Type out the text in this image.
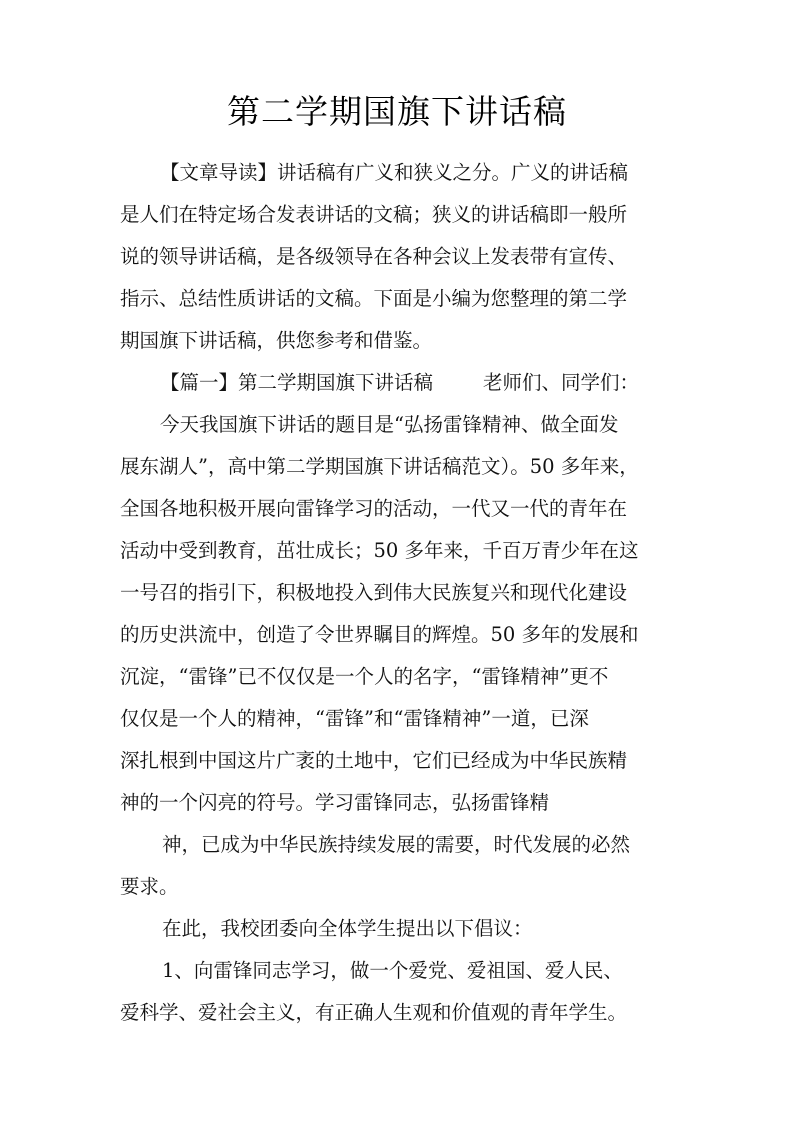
第二学期国旗下讲话稿
【文章导读】讲话稿有广义和狭义之分。广义的讲话稿
是人们在特定场合发表讲话的文稿；狭义的讲话稿即一般所
说的领导讲话稿，是各级领导在各种会议上发表带有宣传、
指示、总结性质讲话的文稿。下面是小编为您整理的第二学
期国旗下讲话稿，供您参考和借鉴。
【篇一】第二学期国旗下讲话稿	老师们、同学们：
今天我国旗下讲话的题目是“弘扬雷锋精神、做全面发
展东湖人”，高中第二学期国旗下讲话稿范文）。50 多年来，
全国各地积极开展向雷锋学习的活动，一代又一代的青年在
活动中受到教育，茁壮成长；50 多年来，千百万青少年在这
一号召的指引下，积极地投入到伟大民族复兴和现代化建设
的历史洪流中，创造了令世界瞩目的辉煌。50 多年的发展和
沉淀，“雷锋”已不仅仅是一个人的名字，“雷锋精神”更不
仅仅是一个人的精神，“雷锋”和“雷锋精神”一道，已深
深扎根到中国这片广袤的土地中，它们已经成为中华民族精
神的一个闪亮的符号。学习雷锋同志，弘扬雷锋精
神，已成为中华民族持续发展的需要，时代发展的必然
要求。
在此，我校团委向全体学生提出以下倡议：
1、向雷锋同志学习，做一个爱党、爱祖国、爱人民、
爱科学、爱社会主义，有正确人生观和价值观的青年学生。
